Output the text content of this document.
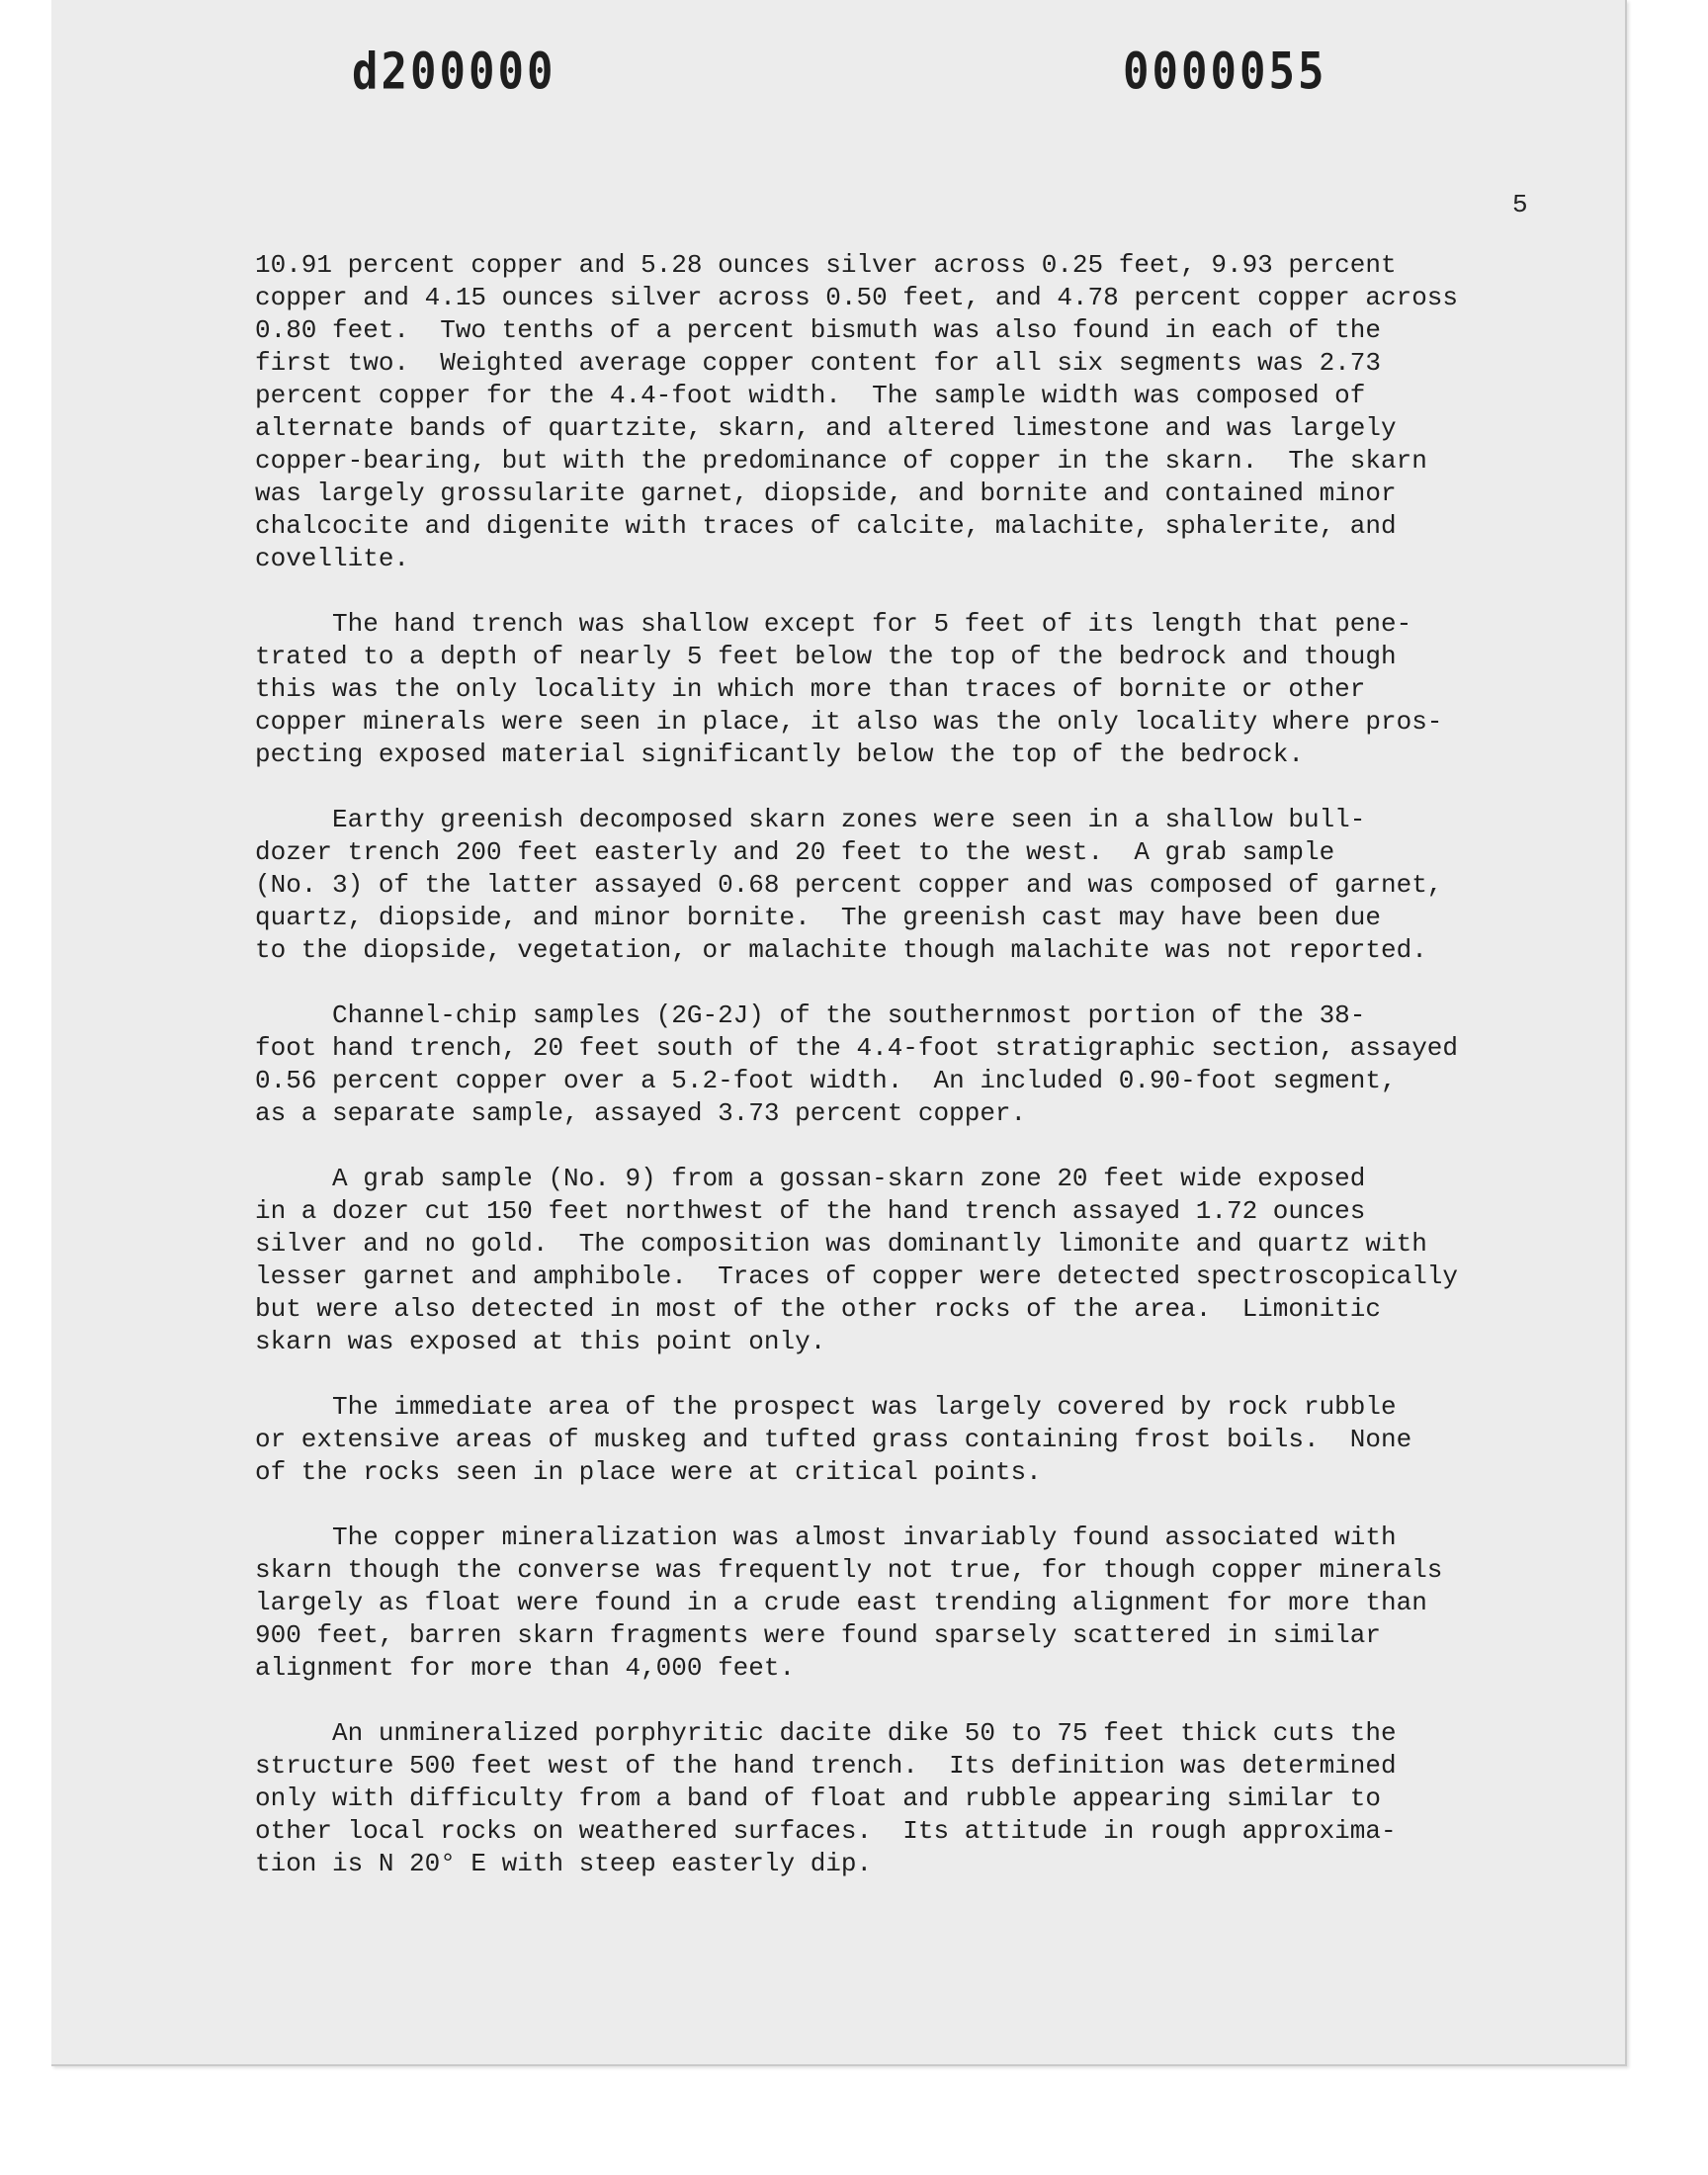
d200000	0000055
5
10.91 percent copper and 5.28 ounces silver across 0.25 feet, 9.93 percent
copper and 4.15 ounces silver across 0.50 feet, and 4.78 percent copper across
0.80 feet.  Two tenths of a percent bismuth was also found in each of the
first two.  Weighted average copper content for all six segments was 2.73
percent copper for the 4.4-foot width.  The sample width was composed of
alternate bands of quartzite, skarn, and altered limestone and was largely
copper-bearing, but with the predominance of copper in the skarn.  The skarn
was largely grossularite garnet, diopside, and bornite and contained minor
chalcocite and digenite with traces of calcite, malachite, sphalerite, and
covellite.
The hand trench was shallow except for 5 feet of its length that pene-
trated to a depth of nearly 5 feet below the top of the bedrock and though
this was the only locality in which more than traces of bornite or other
copper minerals were seen in place, it also was the only locality where pros-
pecting exposed material significantly below the top of the bedrock.
Earthy greenish decomposed skarn zones were seen in a shallow bull-
dozer trench 200 feet easterly and 20 feet to the west.  A grab sample
(No. 3) of the latter assayed 0.68 percent copper and was composed of garnet,
quartz, diopside, and minor bornite.  The greenish cast may have been due
to the diopside, vegetation, or malachite though malachite was not reported.
Channel-chip samples (2G-2J) of the southernmost portion of the 38-
foot hand trench, 20 feet south of the 4.4-foot stratigraphic section, assayed
0.56 percent copper over a 5.2-foot width.  An included 0.90-foot segment,
as a separate sample, assayed 3.73 percent copper.
A grab sample (No. 9) from a gossan-skarn zone 20 feet wide exposed
in a dozer cut 150 feet northwest of the hand trench assayed 1.72 ounces
silver and no gold.  The composition was dominantly limonite and quartz with
lesser garnet and amphibole.  Traces of copper were detected spectroscopically
but were also detected in most of the other rocks of the area.  Limonitic
skarn was exposed at this point only.
The immediate area of the prospect was largely covered by rock rubble
or extensive areas of muskeg and tufted grass containing frost boils.  None
of the rocks seen in place were at critical points.
The copper mineralization was almost invariably found associated with
skarn though the converse was frequently not true, for though copper minerals
largely as float were found in a crude east trending alignment for more than
900 feet, barren skarn fragments were found sparsely scattered in similar
alignment for more than 4,000 feet.
An unmineralized porphyritic dacite dike 50 to 75 feet thick cuts the
structure 500 feet west of the hand trench.  Its definition was determined
only with difficulty from a band of float and rubble appearing similar to
other local rocks on weathered surfaces.  Its attitude in rough approxima-
tion is N 20° E with steep easterly dip.
